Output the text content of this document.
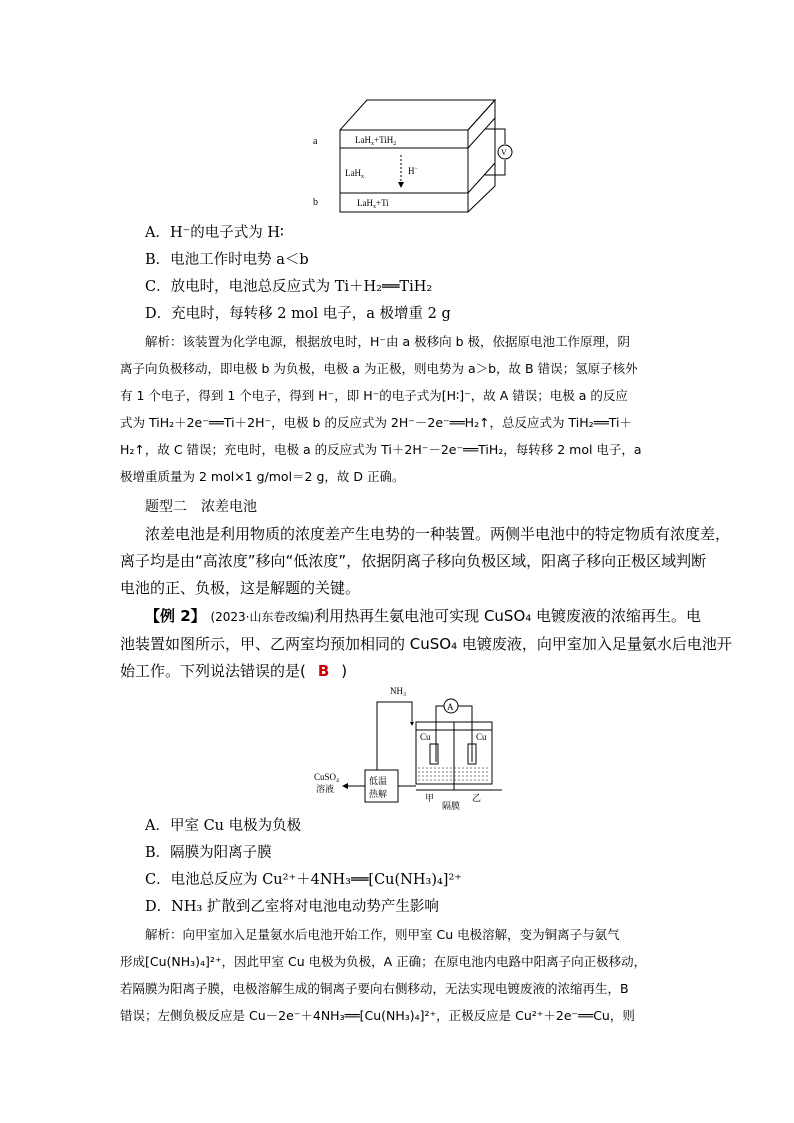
a
b
LaH$_x$+TiH$_2$
LaH$_x$
H−
LaH$_x$+Ti
V
A．H⁻的电子式为 H∶
B．电池工作时电势 a＜b
C．放电时，电池总反应式为 Ti＋H₂══TiH₂
D．充电时，每转移 2 mol 电子，a 极增重 2 g
解析：该装置为化学电源，根据放电时，H⁻由 a 极移向 b 极，依据原电池工作原理，阴
离子向负极移动，即电极 b 为负极，电极 a 为正极，则电势为 a＞b，故 B 错误；氢原子核外
有 1 个电子，得到 1 个电子，得到 H⁻，即 H⁻的电子式为[H∶]⁻，故 A 错误；电极 a 的反应
式为 TiH₂＋2e⁻══Ti＋2H⁻，电极 b 的反应式为 2H⁻－2e⁻══H₂↑，总反应式为 TiH₂══Ti＋
H₂↑，故 C 错误；充电时，电极 a 的反应式为 Ti＋2H⁻－2e⁻══TiH₂，每转移 2 mol 电子，a
极增重质量为 2 mol×1 g/mol＝2 g，故 D 正确。
题型二　浓差电池
浓差电池是利用物质的浓度差产生电势的一种装置。两侧半电池中的特定物质有浓度差，
离子均是由“高浓度”移向“低浓度”，依据阴离子移向负极区域，阳离子移向正极区域判断
电池的正、负极，这是解题的关键。
【例 2】 (2023·山东卷改编)利用热再生氨电池可实现 CuSO₄ 电镀废液的浓缩再生。电
池装置如图所示，甲、乙两室均预加相同的 CuSO₄ 电镀废液，向甲室加入足量氨水后电池开
始工作。下列说法错误的是( B )
NH₃
A
Cu	Cu
CuSO₄
溶液
低温
热解	甲	乙
隔膜
A．甲室 Cu 电极为负极
B．隔膜为阳离子膜
C．电池总反应为 Cu²⁺＋4NH₃══[Cu(NH₃)₄]²⁺
D．NH₃ 扩散到乙室将对电池电动势产生影响
解析：向甲室加入足量氨水后电池开始工作，则甲室 Cu 电极溶解，变为铜离子与氨气
形成[Cu(NH₃)₄]²⁺，因此甲室 Cu 电极为负极，A 正确；在原电池内电路中阳离子向正极移动，
若隔膜为阳离子膜，电极溶解生成的铜离子要向右侧移动，无法实现电镀废液的浓缩再生，B
错误；左侧负极反应是 Cu－2e⁻＋4NH₃══[Cu(NH₃)₄]²⁺，正极反应是 Cu²⁺＋2e⁻══Cu，则
